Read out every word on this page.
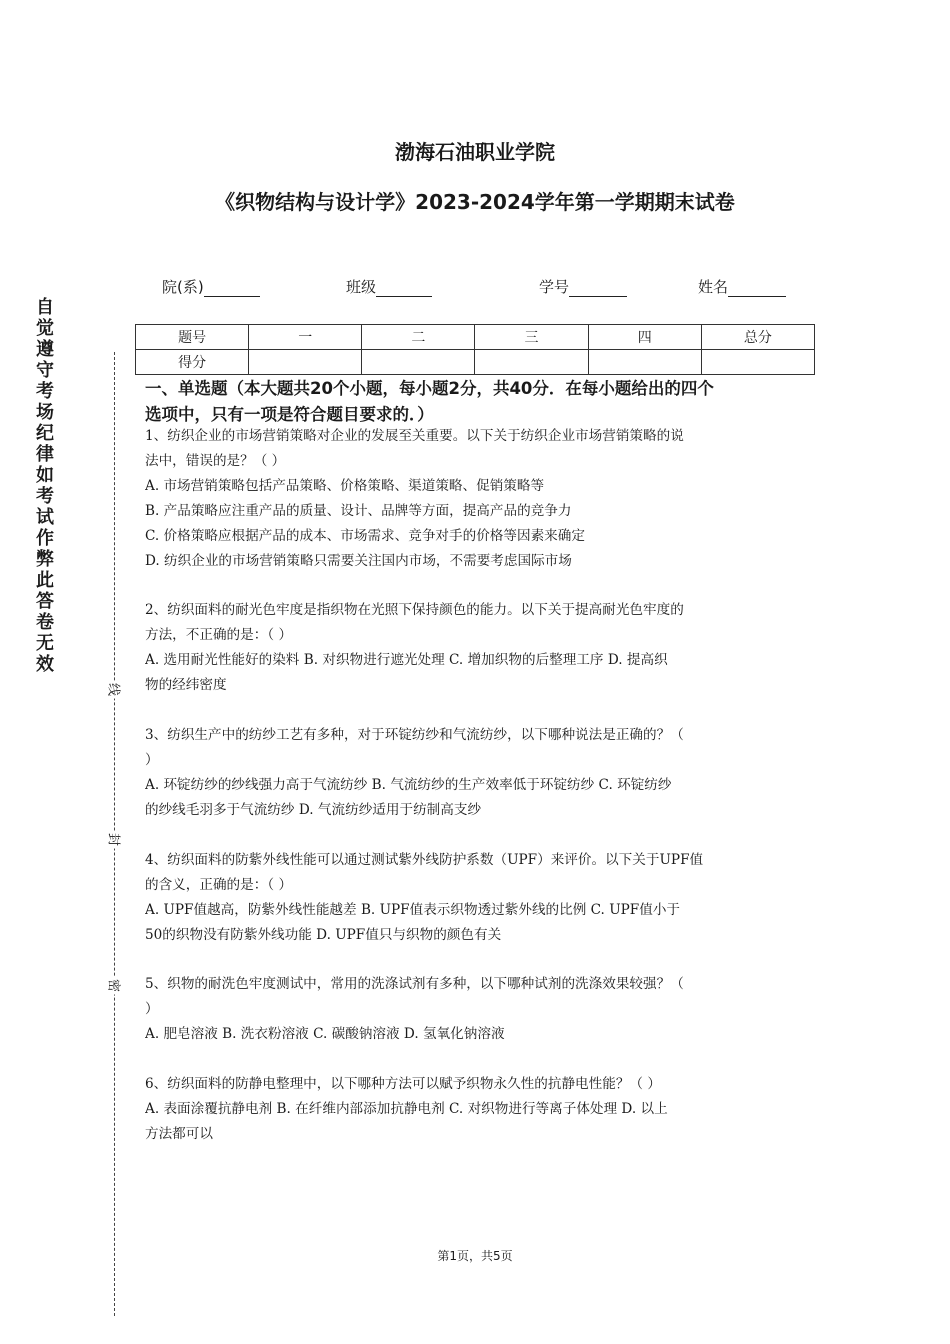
自
觉
遵
守
考
场
纪
律
如
考
试
作
弊
此
答
卷
无
效
线
封
密
渤海石油职业学院
《织物结构与设计学》2023-2024学年第一学期期末试卷
院(系)	班级	学号	姓名
题号	一	二	三	四	总分
得分					
一、单选题（本大题共20个小题，每小题2分，共40分．在每小题给出的四个
选项中，只有一项是符合题目要求的．）
1、纺织企业的市场营销策略对企业的发展至关重要。以下关于纺织企业市场营销策略的说
法中，错误的是？（ ）
A. 市场营销策略包括产品策略、价格策略、渠道策略、促销策略等
B. 产品策略应注重产品的质量、设计、品牌等方面，提高产品的竞争力
C. 价格策略应根据产品的成本、市场需求、竞争对手的价格等因素来确定
D. 纺织企业的市场营销策略只需要关注国内市场，不需要考虑国际市场
2、纺织面料的耐光色牢度是指织物在光照下保持颜色的能力。以下关于提高耐光色牢度的
方法，不正确的是：（ ）
A. 选用耐光性能好的染料 B. 对织物进行遮光处理 C. 增加织物的后整理工序 D. 提高织
物的经纬密度
3、纺织生产中的纺纱工艺有多种，对于环锭纺纱和气流纺纱，以下哪种说法是正确的？（
）
A. 环锭纺纱的纱线强力高于气流纺纱 B. 气流纺纱的生产效率低于环锭纺纱 C. 环锭纺纱
的纱线毛羽多于气流纺纱 D. 气流纺纱适用于纺制高支纱
4、纺织面料的防紫外线性能可以通过测试紫外线防护系数（UPF）来评价。以下关于UPF值
的含义，正确的是：（ ）
A. UPF值越高，防紫外线性能越差 B. UPF值表示织物透过紫外线的比例 C. UPF值小于
50的织物没有防紫外线功能 D. UPF值只与织物的颜色有关
5、织物的耐洗色牢度测试中，常用的洗涤试剂有多种，以下哪种试剂的洗涤效果较强？（
）
A. 肥皂溶液 B. 洗衣粉溶液 C. 碳酸钠溶液 D. 氢氧化钠溶液
6、纺织面料的防静电整理中，以下哪种方法可以赋予织物永久性的抗静电性能？（ ）
A. 表面涂覆抗静电剂 B. 在纤维内部添加抗静电剂 C. 对织物进行等离子体处理 D. 以上
方法都可以
第1页，共5页
